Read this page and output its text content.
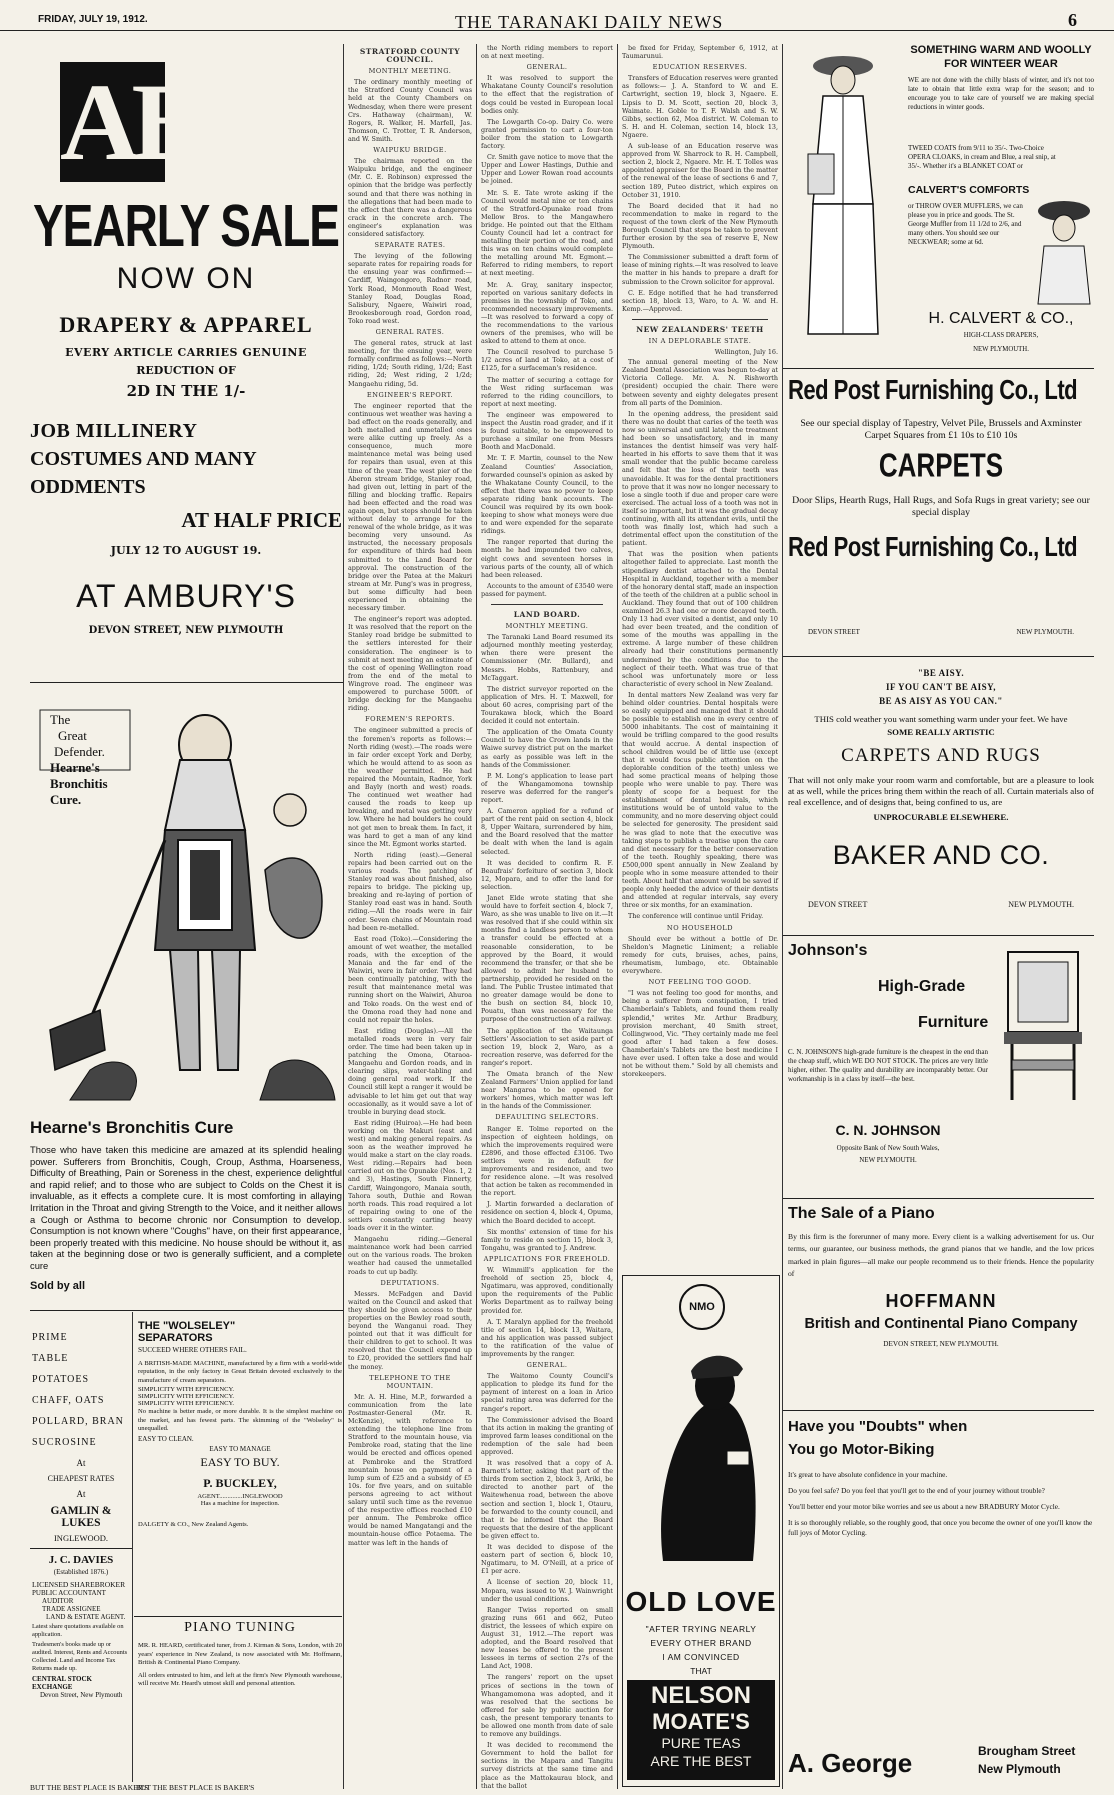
FRIDAY, JULY 19, 1912.	THE TARANAKI DAILY NEWS	6
AB
YEARLY SALE
NOW ON
DRAPERY & APPAREL
EVERY ARTICLE CARRIES GENUINE
REDUCTION OF
2D IN THE 1/-
JOB MILLINERY
COSTUMES AND MANY
ODDMENTS
AT HALF PRICE
JULY 12 TO AUGUST 19.
AT AMBURY'S
DEVON STREET, NEW PLYMOUTH
The
Great
Defender.
Hearne's
Bronchitis
Cure.
Hearne's Bronchitis Cure
Those who have taken this medicine are amazed at its splendid healing power. Sufferers from Bronchitis, Cough, Croup, Asthma, Hoarseness, Difficulty of Breathing, Pain or Soreness in the chest, experience delightful and rapid relief; and to those who are subject to Colds on the Chest it is invaluable, as it effects a complete cure. It is most comforting in allaying Irritation in the Throat and giving Strength to the Voice, and it neither allows a Cough or Asthma to become chronic nor Consumption to develop. Consumption is not known where "Coughs" have, on their first appearance, been properly treated with this medicine. No house should be without it, as taken at the beginning dose or two is generally sufficient, and a complete cure
Sold by all
PRIME
TABLE
POTATOES
CHAFF, OATS
POLLARD, BRAN
SUCROSINE
At
CHEAPEST RATES
At
GAMLIN & LUKES
INGLEWOOD.
J. C. DAVIES
(Established 1876.)
LICENSED SHAREBROKER
PUBLIC ACCOUNTANT
AUDITOR
TRADE ASSIGNEE
LAND & ESTATE AGENT.
Latest share quotations available on application.
Tradesmen's books made up or audited. Interest, Rents and Accounts Collected. Land and Income Tax Returns made up.
CENTRAL STOCK EXCHANGE
Devon Street, New Plymouth
THE "WOLSELEY"
SEPARATORS
SUCCEED WHERE OTHERS FAIL.
A BRITISH-MADE MACHINE, manufactured by a firm with a world-wide reputation, in the only factory in Great Britain devoted exclusively to the manufacture of cream separators.
SIMPLICITY WITH EFFICIENCY.
SIMPLICITY WITH EFFICIENCY.
SIMPLICITY WITH EFFICIENCY.
No machine is better made, or more durable. It is the simplest machine on the market, and has fewest parts. The skimming of the "Wolseley" is unequalled.
EASY TO CLEAN.
EASY TO MANAGE
EASY TO BUY.
P. BUCKLEY,
AGENT..............INGLEWOOD
Has a machine for inspection.
DALGETY & CO., New Zealand Agents.
PIANO TUNING
MR. R. HEARD, certificated tuner, from J. Kirman & Sons, London, with 20 years' experience in New Zealand, is now associated with Mr. Hoffmann, British & Continental Piano Company.
All orders entrusted to him, and left at the firm's New Plymouth warehouse, will receive Mr. Heard's utmost skill and personal attention.
BUT THE BEST PLACE IS BAKER'S
BUT THE BEST PLACE IS BAKER'S
STRATFORD COUNTY
COUNCIL.
MONTHLY MEETING.

The ordinary monthly meeting of the Stratford County Council was held at the County Chambers on Wednesday, when there were present Crs. Hathaway (chairman), W. Rogers, R. Walker, H. Marfell, Jas. Thomson, C. Trotter, T. R. Anderson, and W. Smith.

WAIPUKU BRIDGE.

The chairman reported on the Waipuku bridge, and the engineer (Mr. C. E. Robinson) expressed the opinion that the bridge was perfectly sound and that there was nothing in the allegations that had been made to the effect that there was a dangerous crack in the concrete arch. The engineer's explanation was considered satisfactory.

SEPARATE RATES.

The levying of the following separate rates for repairing roads for the ensuing year was confirmed:—Cardiff, Waingongoro, Radnor road, York Road, Monmouth Road West, Stanley Road, Douglas Road, Salisbury, Ngaere, Waiwiri road, Brookesborough road, Gordon road, Toko road west.

GENERAL RATES.

The general rates, struck at last meeting, for the ensuing year, were formally confirmed as follows:—North riding, 1/2d; South riding, 1/2d; East riding, 2d; West riding, 2 1/2d; Mangaehu riding, 5d.

ENGINEER'S REPORT.

The engineer reported that the continuous wet weather was having a bad effect on the roads generally, and both metalled and unmetalled ones were alike cutting up freely. As a consequence, much more maintenance metal was being used for repairs than usual, even at this time of the year. The west pier of the Aberon stream bridge, Stanley road, had given out, letting in part of the filling and blocking traffic. Repairs had been effected and the road was again open, but steps should be taken without delay to arrange for the renewal of the whole bridge, as it was becoming very unsound. As instructed, the necessary proposals for expenditure of thirds had been submitted to the Land Board for approval. The construction of the bridge over the Patea at the Makuri stream at Mr. Pung's was in progress, but some difficulty had been experienced in obtaining the necessary timber.

The engineer's report was adopted. It was resolved that the report on the Stanley road bridge be submitted to the settlers interested for their consideration. The engineer is to submit at next meeting an estimate of the cost of opening Wellington road from the end of the metal to Wingrove road. The engineer was empowered to purchase 500ft. of bridge decking for the Mangaehu riding.

FOREMEN'S REPORTS.

The engineer submitted a precis of the foremen's reports as follows:—North riding (west).—The roads were in fair order except York and Derby, which he would attend to as soon as the weather permitted. He had repaired the Mountain, Radnor, York and Bayly (north and west) roads. The continued wet weather had caused the roads to keep up breaking, and metal was getting very low. Where he had boulders he could not get men to break them. In fact, it was hard to get a man of any kind since the Mt. Egmont works started.

North riding (east).—General repairs had been carried out on the various roads. The patching of Stanley road was about finished, also repairs to bridge. The picking up, breaking and re-laying of portion of Stanley road east was in hand. South riding.—All the roads were in fair order. Seven chains of Mountain road had been re-metalled.

East road (Toko).—Considering the amount of wet weather, the metalled roads, with the exception of the Manaia and the far end of the Waiwiri, were in fair order. They had been continually patching, with the result that maintenance metal was running short on the Waiwiri, Ahuroa and Toko roads. On the west end of the Omona road they had none and could not repair the holes.

East riding (Douglas).—All the metalled roads were in very fair order. The time had been taken up in patching the Omona, Otaraoa-Mangaehu and Gordon roads, and in clearing slips, water-tabling and doing general road work. If the Council still kept a ranger it would be advisable to let him get out that way occasionally, as it would save a lot of trouble in burying dead stock.

East riding (Huiroa).—He had been working on the Makuri (east and west) and making general repairs. As soon as the weather improved he would make a start on the clay roads. West riding.—Repairs had been carried out on the Opunake (Nos. 1, 2 and 3), Hastings, South Finnerty, Cardiff, Waingongoro, Manaia south, Tahora south, Duthie and Rowan north roads. This road required a lot of repairing owing to one of the settlers constantly carting heavy loads over it in the winter.

Mangaehu riding.—General maintenance work had been carried out on the various roads. The broken weather had caused the unmetalled roads to cut up badly.

DEPUTATIONS.

Messrs. McFadgen and David waited on the Council and asked that they should be given access to their properties on the Bewley road south, beyond the Wanganui road. They pointed out that it was difficult for their children to get to school. It was resolved that the Council expend up to £20, provided the settlers find half the money.

TELEPHONE TO THE MOUNTAIN.

Mr. A. H. Hine, M.P., forwarded a communication from the late Postmaster-General (Mr. R. McKenzie), with reference to extending the telephone line from Stratford to the mountain house, via Pembroke road, stating that the line would be erected and offices opened at Pembroke and the Stratford mountain house on payment of a lump sum of £25 and a subsidy of £5 10s. for five years, and on suitable persons agreeing to act without salary until such time as the revenue of the respective offices reached £10 per annum. The Pembroke office would be named Mangatangi and the mountain-house office Potaema. The matter was left in the hands of

the North riding members to report on at next meeting.

GENERAL.

It was resolved to support the Whakatane County Council's resolution to the effect that the registration of dogs could be vested in European local bodies only.

The Lowgarth Co-op. Dairy Co. were granted permission to cart a four-ton boiler from the station to Lowgarth factory.

Cr. Smith gave notice to move that the Upper and Lower Hastings, Duthie and Upper and Lower Rowan road accounts be joined.

Mr. S. E. Tate wrote asking if the Council would metal nine or ten chains of the Stratford-Opunake road from Mellow Bros. to the Mangawhero bridge. He pointed out that the Eltham County Council had let a contract for metalling their portion of the road, and this was on ten chains would complete the metalling around Mt. Egmont.—Referred to riding members, to report at next meeting.

Mr. A. Gray, sanitary inspector, reported on various sanitary defects in premises in the township of Toko, and recommended necessary improvements.—It was resolved to forward a copy of the recommendations to the various owners of the premises, who will be asked to attend to them at once.

The Council resolved to purchase 5 1/2 acres of land at Toko, at a cost of £125, for a surfaceman's residence.

The matter of securing a cottage for the West riding surfaceman was referred to the riding councillors, to report at next meeting.

The engineer was empowered to inspect the Austin road grader, and if it is found suitable, to be empowered to purchase a similar one from Messrs Booth and MacDonald.

Mr. T. F. Martin, counsel to the New Zealand Counties' Association, forwarded counsel's opinion as asked by the Whakatane County Council, to the effect that there was no power to keep separate riding bank accounts. The Council was required by its own book-keeping to show what moneys were due to and were expended for the separate ridings.

The ranger reported that during the month he had impounded two calves, eight cows and seventeen horses in various parts of the county, all of which had been released.

Accounts to the amount of £3540 were passed for payment.

LAND BOARD.
MONTHLY MEETING.

The Taranaki Land Board resumed its adjourned monthly meeting yesterday, when there were present the Commissioner (Mr. Bullard), and Messrs. Hobbs, Rattenbury, and McTaggart.

The district surveyor reported on the application of Mrs. H. T. Maxwell, for about 60 acres, comprising part of the Tourakawa block, which the Board decided it could not entertain.

The application of the Omata County Council to have the Crown lands in the Waiwe survey district put on the market as early as possible was left in the hands of the Commissioner.

P. M. Long's application to lease part of the Whangamomona township reserve was deferred for the ranger's report.

A. Cameron applied for a refund of part of the rent paid on section 4, block 8, Upper Waitara, surrendered by him, and the Board resolved that the matter be dealt with when the land is again selected.

It was decided to confirm R. F. Beaufrais' forfeiture of section 3, block 12, Mopara, and to offer the land for selection.

Janet Elde wrote stating that she would have to forfeit section 4, block 7, Waro, as she was unable to live on it.—It was resolved that if she could within six months find a landless person to whom a transfer could be effected at a reasonable consideration, to be approved by the Board, it would recommend the transfer, or that she be allowed to admit her husband to partnership, provided he resided on the land. The Public Trustee intimated that no greater damage would be done to the bush on section 84, block 10, Pouatu, than was necessary for the purpose of the construction of a railway.

The application of the Waitaunga Settlers' Association to set aside part of section 19, block 2, Waro, as a recreation reserve, was deferred for the ranger's report.

The Omata branch of the New Zealand Farmers' Union applied for land near Mangaroa to be opened for workers' homes, which matter was left in the hands of the Commissioner.

DEFAULTING SELECTORS.

Ranger E. Tolme reported on the inspection of eighteen holdings, on which the improvements required were £2896, and those effected £3106. Two settlers were in default for improvements and residence, and two for residence alone. —It was resolved that action be taken as recommended in the report.

J. Martin forwarded a declaration of residence on section 4, block 4, Opuma, which the Board decided to accept.

Six months' extension of time for his family to reside on section 15, block 3, Tongahu, was granted to J. Andrew.

APPLICATIONS FOR FREEHOLD.

W. Wimmill's application for the freehold of section 25, block 4, Ngatimaru, was approved, conditionally upon the requirements of the Public Works Department as to railway being provided for.

A. T. Maralyn applied for the freehold title of section 14, block 13, Waitara, and his application was passed subject to the ratification of the value of improvements by the ranger.

GENERAL.

The Waitomo County Council's application to pledge its fund for the payment of interest on a loan in Arico special rating area was deferred for the ranger's report.

The Commissioner advised the Board that its action in making the granting of improved farm leases conditional on the redemption of the sale had been approved.

It was resolved that a copy of A. Barnett's letter, asking that part of the thirds from section 2, block 3, Ariki, be directed to another part of the Waitewhenua road, between the above section and section 1, block 1, Otauru, be forwarded to the county council, and that it be informed that the Board requests that the desire of the applicant be given effect to.

It was decided to dispose of the eastern part of section 6, block 10, Ngatimaru, to M. O'Neill, at a price of £1 per acre.

A license of section 20, block 11, Mopara, was issued to W. J. Wainwright under the usual conditions.

Ranger Twiss reported on small grazing runs 661 and 662, Puteo district, the lessees of which expire on August 31, 1912.—The report was adopted, and the Board resolved that new leases be offered to the present lessees in terms of section 27s of the Land Act, 1908.

The rangers' report on the upset prices of sections in the town of Whangamomona was adopted, and it was resolved that the sections be offered for sale by public auction for cash, the present temporary tenants to be allowed one month from date of sale to remove any buildings.

It was decided to recommend the Government to hold the ballot for sections in the Mapara and Tangitu survey districts at the same time and place as the Mattokaurau block, and that the ballot

be fixed for Friday, September 6, 1912, at Taumarunui.

EDUCATION RESERVES.

Transfers of Education reserves were granted as follows:— J. A. Stanford to W. and E. Cartwright, section 19, block 3, Ngaere. E. Lipsis to D. M. Scott, section 20, block 3, Waimate. H. Goble to T. F. Walsh and S. W. Gibbs, section 62, Moa district. W. Coleman to S. H. and H. Coleman, section 14, block 13, Ngaere.

A sub-lease of an Education reserve was approved from W. Sharrock to R. H. Campbell, section 2, block 2, Ngaere. Mr. H. T. Tolles was appointed appraiser for the Board in the matter of the renewal of the lease of sections 6 and 7, section 189, Puteo district, which expires on October 31, 1910.

The Board decided that it had no recommendation to make in regard to the request of the town clerk of the New Plymouth Borough Council that steps be taken to prevent further erosion by the sea of reserve E, New Plymouth.

The Commissioner submitted a draft form of lease of mining rights.—It was resolved to leave the matter in his hands to prepare a draft for submission to the Crown solicitor for approval.

C. E. Edge notified that he had transferred section 18, block 13, Waro, to A. W. and H. Kemp.—Approved.

NEW ZEALANDERS' TEETH
IN A DEPLORABLE STATE.
Wellington, July 16.

The annual general meeting of the New Zealand Dental Association was begun to-day at Victoria College. Mr. A. N. Rishworth (president) occupied the chair. There were between seventy and eighty delegates present from all parts of the Dominion.

In the opening address, the president said there was no doubt that caries of the teeth was now so universal and until lately the treatment had been so unsatisfactory, and in many instances the dentist himself was very half-hearted in his efforts to save them that it was small wonder that the public became careless and felt that the loss of their teeth was unavoidable. It was for the dental practitioners to prove that it was now no longer necessary to lose a single tooth if due and proper care were exercised. The actual loss of a tooth was not in itself so important, but it was the gradual decay continuing, with all its attendant evils, until the tooth was finally lost, which had such a detrimental effect upon the constitution of the patient.

That was the position when patients altogether failed to appreciate. Last month the stipendiary dentist attached to the Dental Hospital in Auckland, together with a member of the honorary dental staff, made an inspection of the teeth of the children at a public school in Auckland. They found that out of 100 children examined 26.3 had one or more decayed teeth. Only 13 had ever visited a dentist, and only 10 had ever been treated, and the condition of some of the mouths was appalling in the extreme. A large number of these children already had their constitutions permanently undermined by the conditions due to the neglect of their teeth. What was true of that school was unfortunately more or less characteristic of every school in New Zealand.

In dental matters New Zealand was very far behind older countries. Dental hospitals were so easily equipped and managed that it should be possible to establish one in every centre of 5000 inhabitants. The cost of maintaining it would be trifling compared to the good results that would accrue. A dental inspection of school children would be of little use (except that it would focus public attention on the deplorable condition of the teeth) unless we had some practical means of helping those people who were unable to pay. There was plenty of scope for a bequest for the establishment of dental hospitals, which institutions would be of untold value to the community, and no more deserving object could be selected for generosity. The president said he was glad to note that the executive was taking steps to publish a treatise upon the care and diet necessary for the better conservation of the teeth. Roughly speaking, there was £500,000 spent annually in New Zealand by people who in some measure attended to their teeth. About half that amount would be saved if people only heeded the advice of their dentists and attended at regular intervals, say every three or six months, for an examination.

The conference will continue until Friday.

NO HOUSEHOLD

Should ever be without a bottle of Dr. Sheldon's Magnetic Liniment; a reliable remedy for cuts, bruises, aches, pains, rheumatism, lumbago, etc. Obtainable everywhere.

NOT FEELING TOO GOOD.

"I was not feeling too good for months, and being a sufferer from constipation, I tried Chamberlain's Tablets, and found them really splendid," writes Mr. Arthur Bradbury, provision merchant, 40 Smith street, Collingwood, Vic. "They certainly made me feel good after I had taken a few doses. Chamberlain's Tablets are the best medicine I have ever used. I often take a dose and would not be without them." Sold by all chemists and storekeepers.

NMO
OLD LOVE
"AFTER TRYING NEARLY
EVERY OTHER BRAND
I AM CONVINCED
THAT
NELSON
MOATE'S
PURE TEAS
ARE THE BEST
SOMETHING WARM AND WOOLLY
FOR WINTEER WEAR
WE are not done with the chilly blasts of winter, and it's not too late to obtain that little extra wrap for the season; and to encourage you to take care of yourself we are making special reductions in winter goods.
TWEED COATS from 9/11 to 35/-. Two-Choice OPERA CLOAKS, in cream and Blue, a real snip, at 35/-. Whether it's a BLANKET COAT or
CALVERT'S COMFORTS
or THROW OVER MUFFLERS, we can please you in price and goods. The St. George Muffler from 11 1/2d to 2/6, and many others. You should see our NECKWEAR; some at 6d.
H. CALVERT & CO.,
HIGH-CLASS DRAPERS,
NEW PLYMOUTH.
Red Post Furnishing Co., Ltd
See our special display of Tapestry, Velvet Pile, Brussels and Axminster Carpet Squares from £1 10s to £10 10s
CARPETS
Door Slips, Hearth Rugs, Hall Rugs, and Sofa Rugs in great variety; see our special display
Red Post Furnishing Co., Ltd
DEVON STREET	NEW PLYMOUTH.
"BE AISY.
IF YOU CAN'T BE AISY,
BE AS AISY AS YOU CAN."
THIS cold weather you want something warm under your feet. We have
SOME REALLY ARTISTIC
CARPETS AND RUGS
That will not only make your room warm and comfortable, but are a pleasure to look at as well, while the prices bring them within the reach of all. Curtain materials also of real excellence, and of designs that, being confined to us, are
UNPROCURABLE ELSEWHERE.
BAKER AND CO.
DEVON STREET	NEW PLYMOUTH.
Johnson's
High-Grade
Furniture
C. N. JOHNSON'S high-grade furniture is the cheapest in the end than the cheap stuff, which WE DO NOT STOCK. The prices are very little higher, either. The quality and durability are incomparably better. Our workmanship is in a class by itself—the best.
C. N. JOHNSON
Opposite Bank of New South Wales,
NEW PLYMOUTH.
The Sale of a Piano
By this firm is the forerunner of many more. Every client is a walking advertisement for us. Our terms, our guarantee, our business methods, the grand pianos that we handle, and the low prices marked in plain figures—all make our people recommend us to their friends. Hence the popularity of
HOFFMANN
British and Continental Piano Company
DEVON STREET, NEW PLYMOUTH.
Have you "Doubts" when
You go Motor-Biking
It's great to have absolute confidence in your machine.
Do you feel safe? Do you feel that you'll get to the end of your journey without trouble?
You'll better end your motor bike worries and see us about a new BRADBURY Motor Cycle.
It is so thoroughly reliable, so the roughly good, that once you become the owner of one you'll know the full joys of Motor Cycling.
A. George	Brougham Street
New Plymouth
